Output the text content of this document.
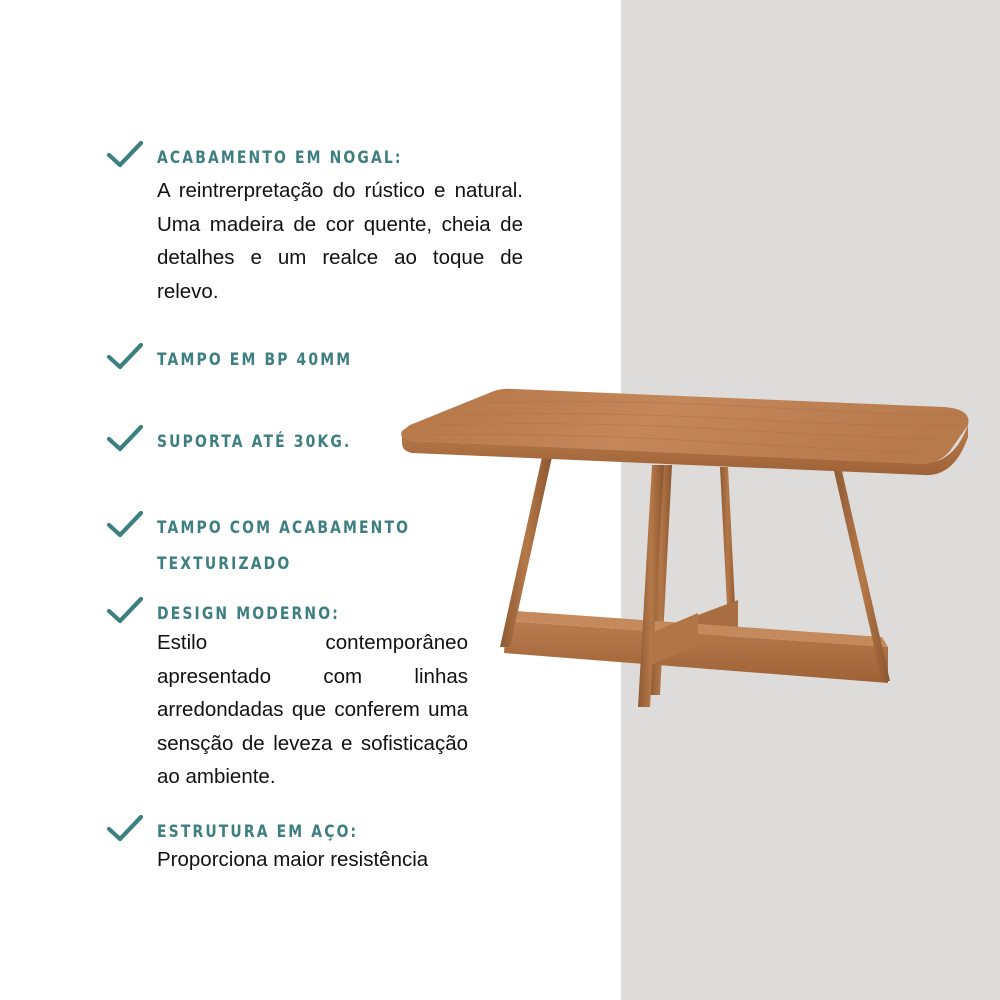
ACABAMENTO EM NOGAL:
A reintrerpretação do rústico e natural. Uma madeira de cor quente, cheia de detalhes e um realce ao toque de relevo.
TAMPO EM BP 40MM
SUPORTA ATÉ 30KG.
TAMPO COM ACABAMENTO
TEXTURIZADO
DESIGN MODERNO:
Estilo contemporâneo apresentado com linhas arredondadas que conferem uma sensção de leveza e sofisticação ao ambiente.
ESTRUTURA EM AÇO:
Proporciona maior resistência
